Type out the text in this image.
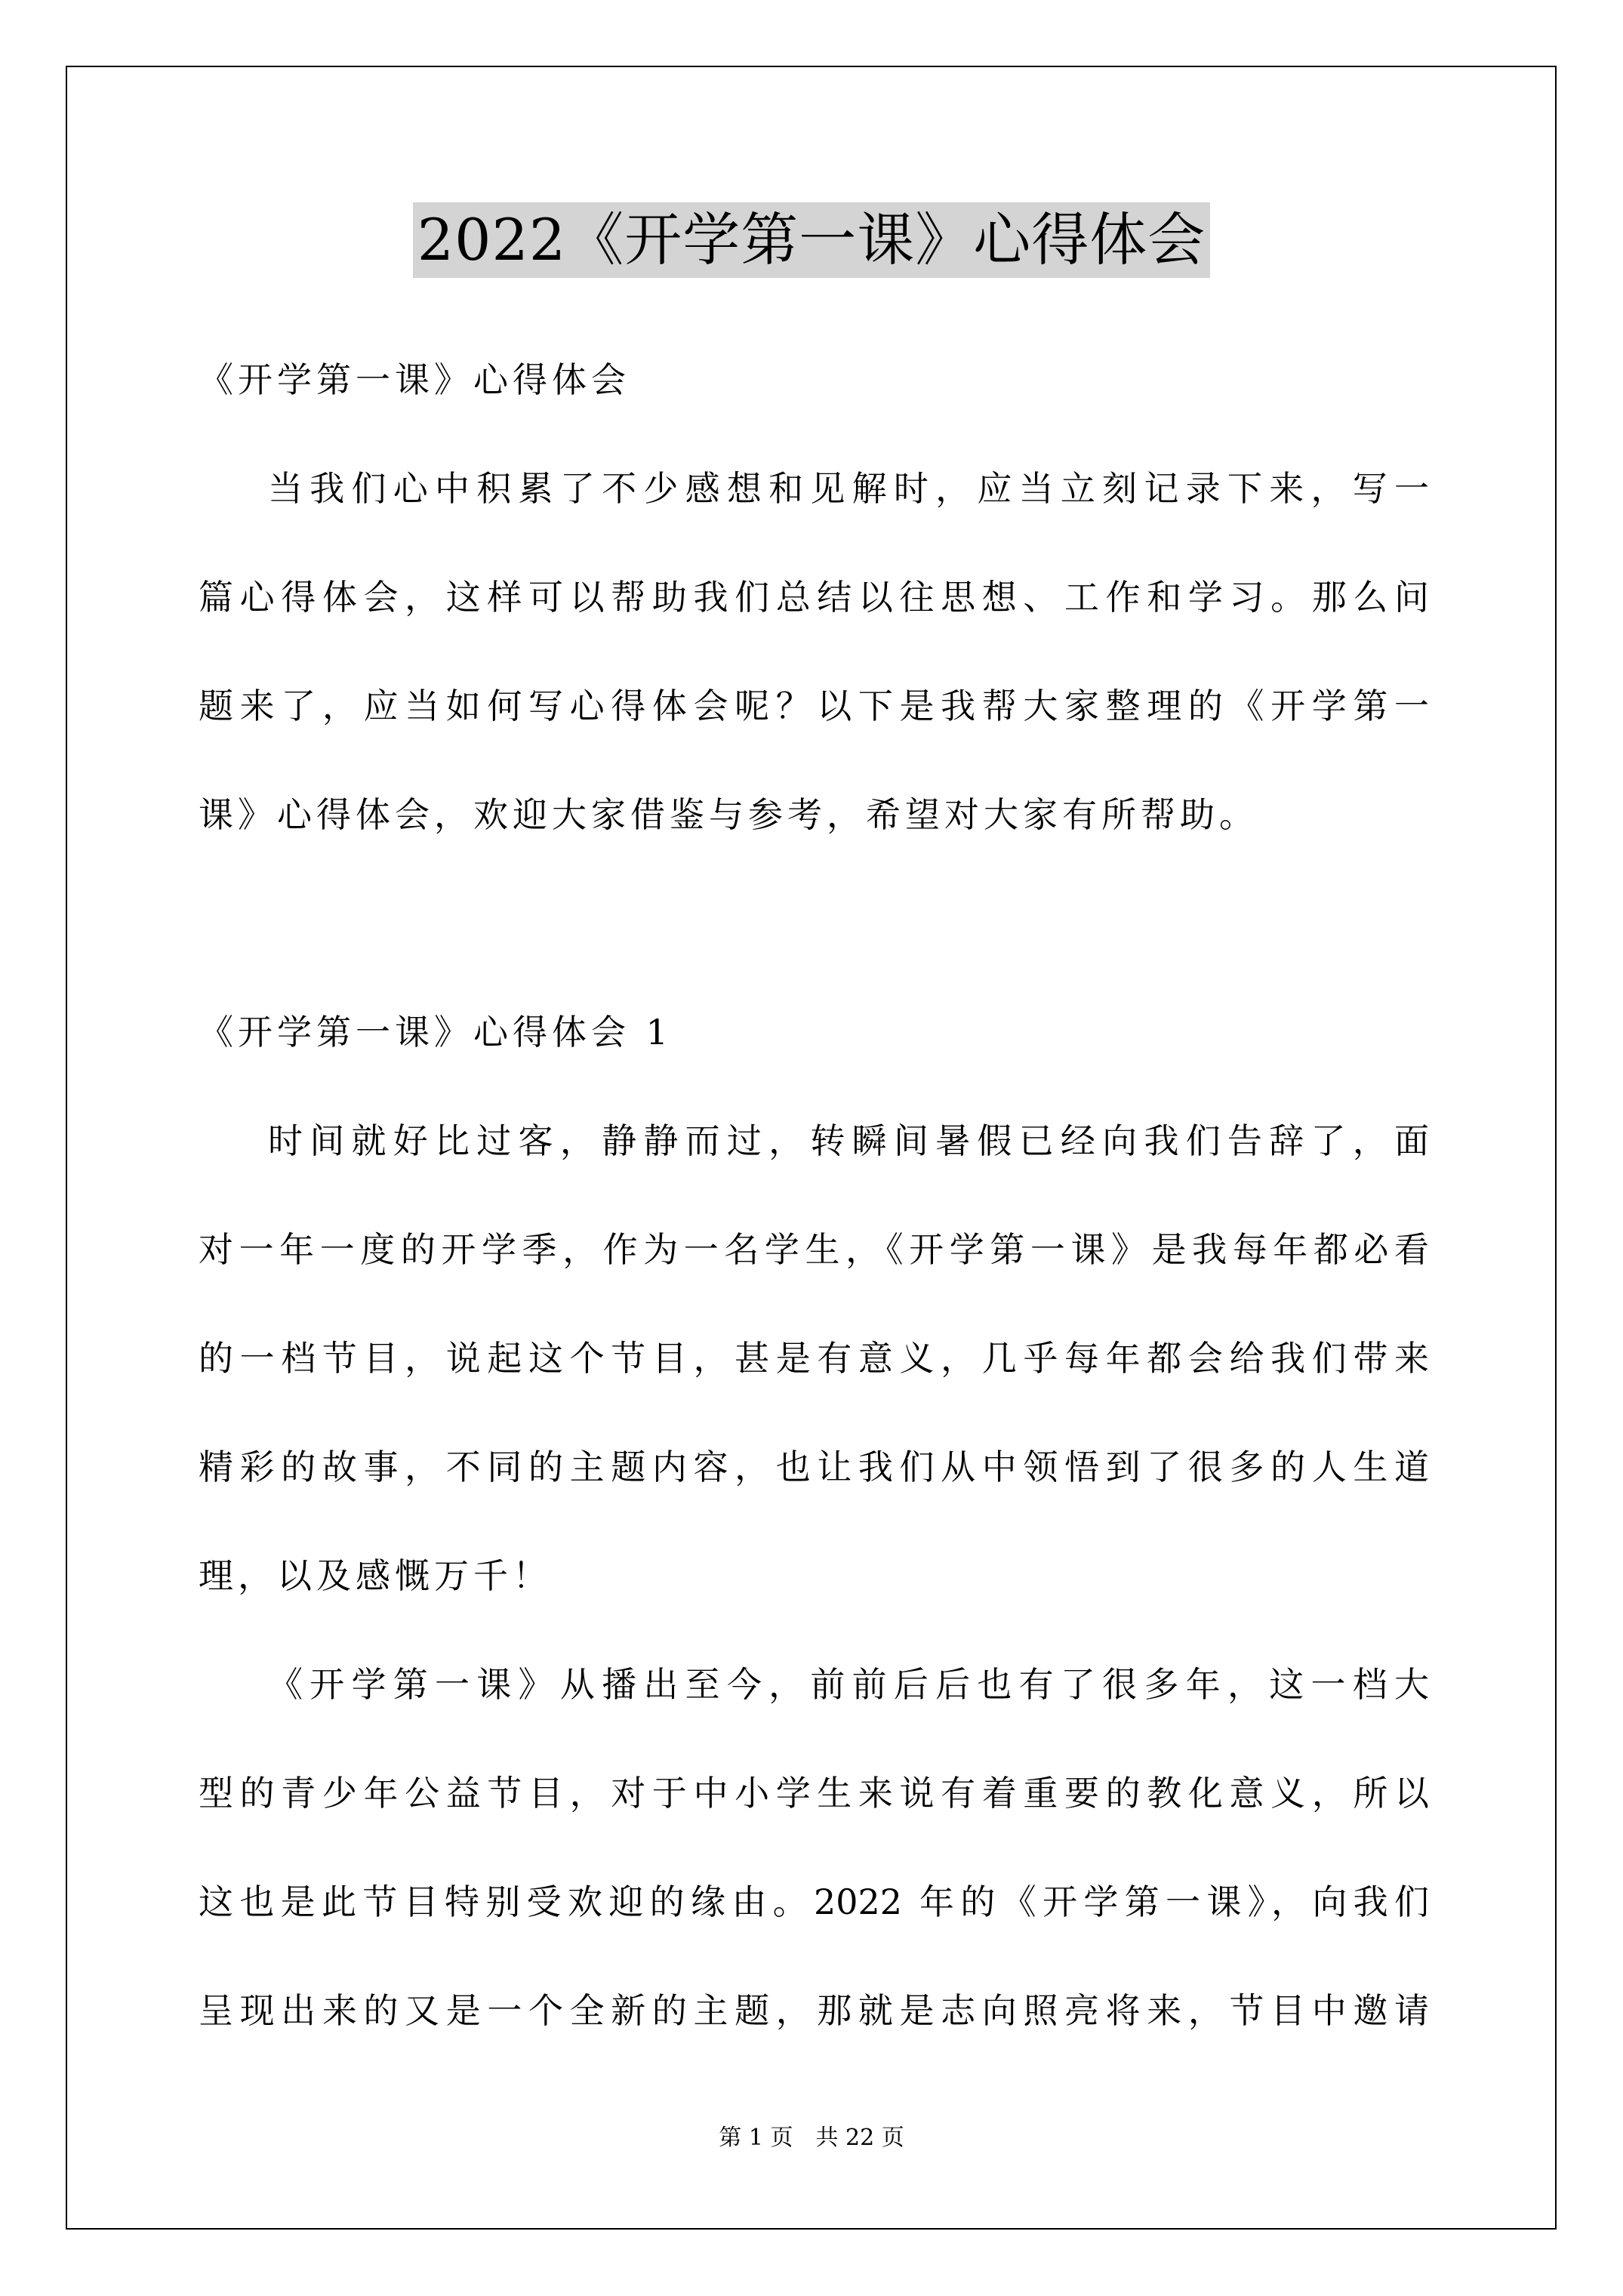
2022《开学第一课》心得体会
《开学第一课》心得体会
当我们心中积累了不少感想和见解时，应当立刻记录下来，写一
篇心得体会，这样可以帮助我们总结以往思想、工作和学习。那么问
题来了，应当如何写心得体会呢？以下是我帮大家整理的《开学第一
课》心得体会，欢迎大家借鉴与参考，希望对大家有所帮助。
《开学第一课》心得体会 1
时间就好比过客，静静而过，转瞬间暑假已经向我们告辞了，面
对一年一度的开学季，作为一名学生，《开学第一课》是我每年都必看
的一档节目，说起这个节目，甚是有意义，几乎每年都会给我们带来
精彩的故事，不同的主题内容，也让我们从中领悟到了很多的人生道
理，以及感慨万千！
《开学第一课》从播出至今，前前后后也有了很多年，这一档大
型的青少年公益节目，对于中小学生来说有着重要的教化意义，所以
这也是此节目特别受欢迎的缘由。2022 年的《开学第一课》，向我们
呈现出来的又是一个全新的主题，那就是志向照亮将来，节目中邀请
第 1 页　共 22 页
